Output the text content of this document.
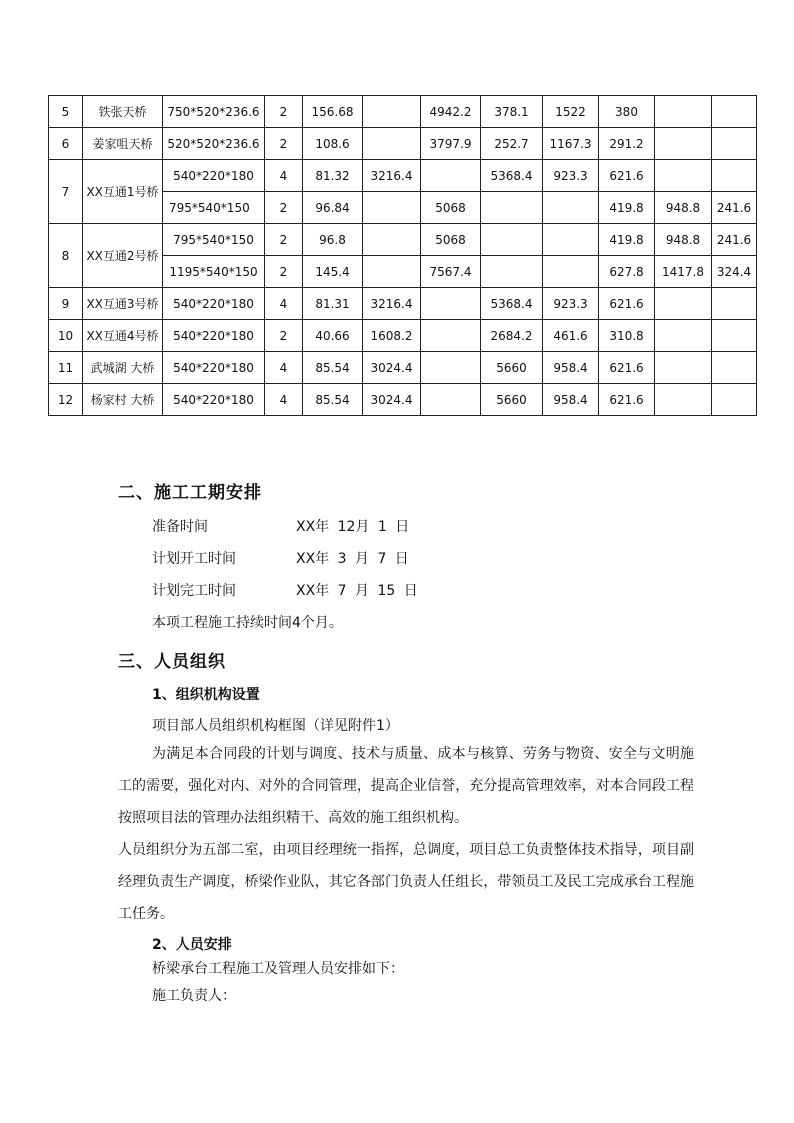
5	铁张天桥	750*520*236.6	2	156.68		4942.2	378.1	1522	380		
6	姜家咀天桥	520*520*236.6	2	108.6		3797.9	252.7	1167.3	291.2		
7	XX互通1号桥	540*220*180	4	81.32	3216.4		5368.4	923.3	621.6		
		795*540*150	2	96.84		5068			419.8	948.8	241.6
8	XX互通2号桥	795*540*150	2	96.8		5068			419.8	948.8	241.6
		1195*540*150	2	145.4		7567.4			627.8	1417.8	324.4
9	XX互通3号桥	540*220*180	4	81.31	3216.4		5368.4	923.3	621.6		
10	XX互通4号桥	540*220*180	2	40.66	1608.2		2684.2	461.6	310.8		
11	武城湖 大桥	540*220*180	4	85.54	3024.4		5660	958.4	621.6		
12	杨家村 大桥	540*220*180	4	85.54	3024.4		5660	958.4	621.6		
二、施工工期安排
准备时间	XX年 12月 1 日
计划开工时间	XX年 3 月 7 日
计划完工时间	XX年 7 月 15 日
本项工程施工持续时间4个月。
三、人员组织
1、组织机构设置
项目部人员组织机构框图（详见附件1）
为满足本合同段的计划与调度、技术与质量、成本与核算、劳务与物资、安全与文明施工的需要，强化对内、对外的合同管理，提高企业信誉，充分提高管理效率，对本合同段工程按照项目法的管理办法组织精干、高效的施工组织机构。
人员组织分为五部二室，由项目经理统一指挥，总调度，项目总工负责整体技术指导，项目副经理负责生产调度，桥梁作业队，其它各部门负责人任组长，带领员工及民工完成承台工程施工任务。
2、人员安排
桥梁承台工程施工及管理人员安排如下：
施工负责人：
